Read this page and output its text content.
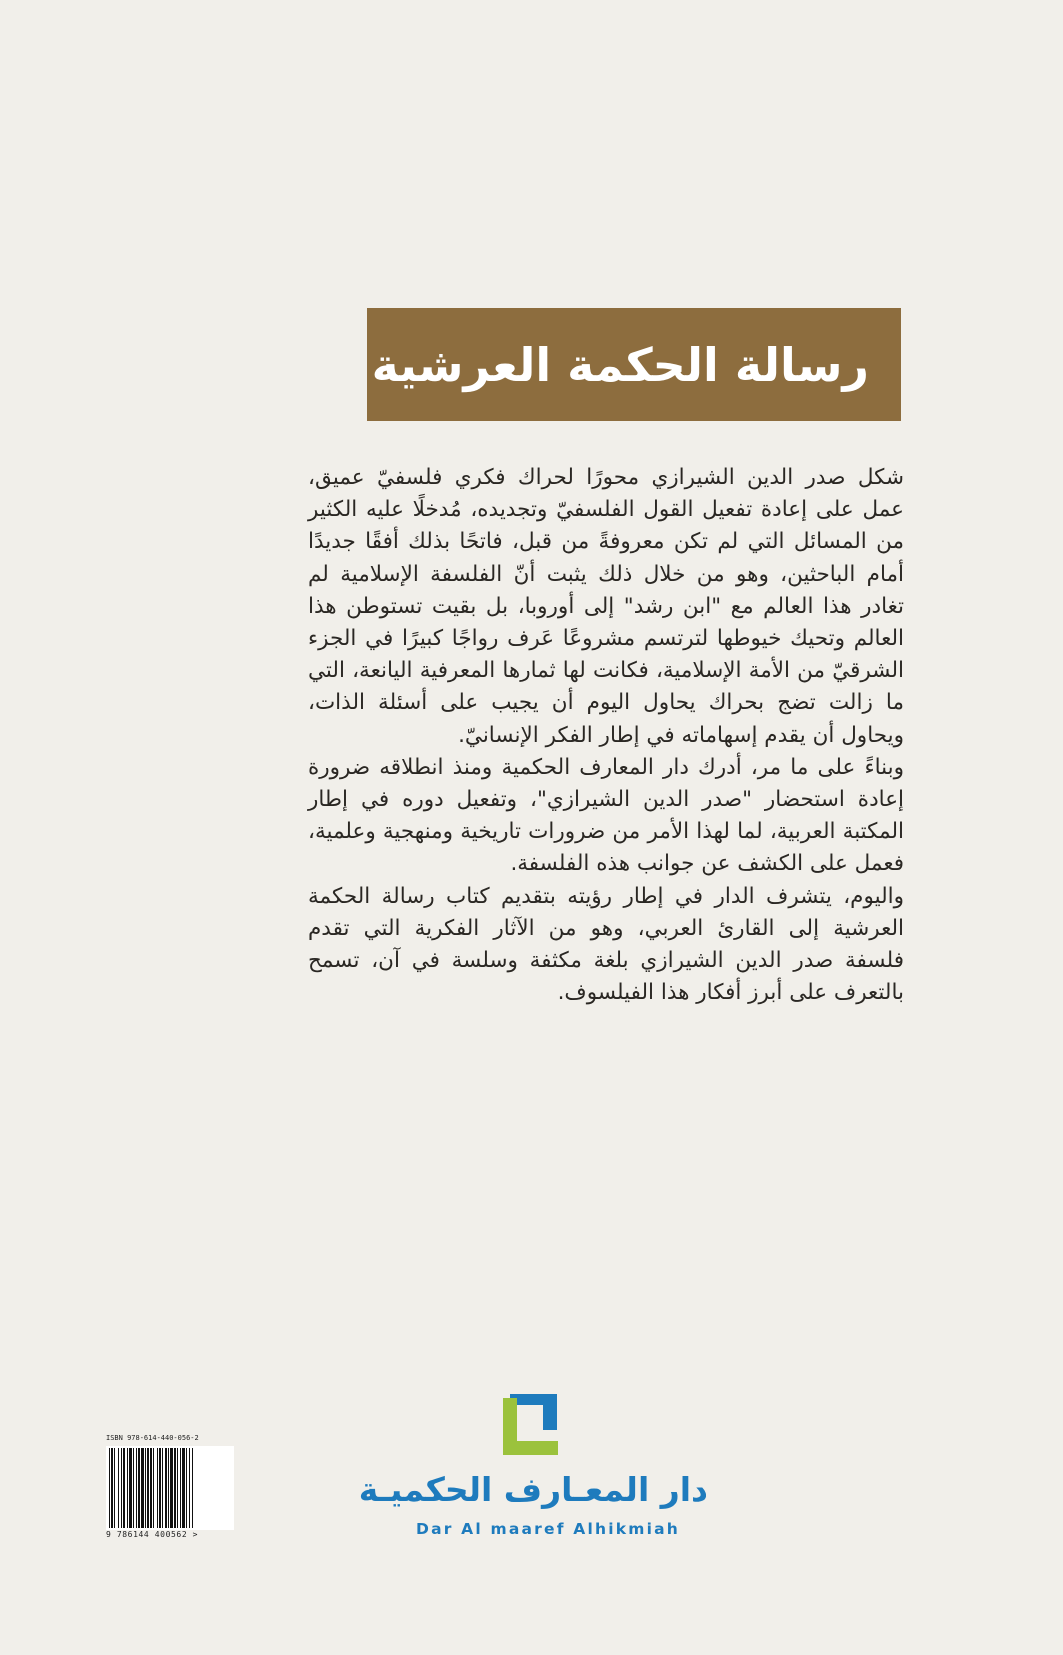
رسالة الحكمة العرشية

شكل صدر الدين الشيرازي محورًا لحراك فكري فلسفيّ عميق، عمل على إعادة تفعيل القول الفلسفيّ وتجديده، مُدخلًا عليه الكثير من المسائل التي لم تكن معروفةً من قبل، فاتحًا بذلك أفقًا جديدًا أمام الباحثين، وهو من خلال ذلك يثبت أنّ الفلسفة الإسلامية لم تغادر هذا العالم مع "ابن رشد" إلى أوروبا، بل بقيت تستوطن هذا العالم وتحيك خيوطها لترتسم مشروعًا عَرف رواجًا كبيرًا في الجزء الشرقيّ من الأمة الإسلامية، فكانت لها ثمارها المعرفية اليانعة، التي ما زالت تضج بحراك يحاول اليوم أن يجيب على أسئلة الذات، ويحاول أن يقدم إسهاماته في إطار الفكر الإنسانيّ.

وبناءً على ما مر، أدرك دار المعارف الحكمية ومنذ انطلاقه ضرورة إعادة استحضار "صدر الدين الشيرازي"، وتفعيل دوره في إطار المكتبة العربية، لما لهذا الأمر من ضرورات تاريخية ومنهجية وعلمية، فعمل على الكشف عن جوانب هذه الفلسفة.

واليوم، يتشرف الدار في إطار رؤيته بتقديم كتاب رسالة الحكمة العرشية إلى القارئ العربي، وهو من الآثار الفكرية التي تقدم فلسفة صدر الدين الشيرازي بلغة مكثفة وسلسة في آن، تسمح بالتعرف على أبرز أفكار هذا الفيلسوف.

دار المعـارف الحكميـة
Dar Al maaref Alhikmiah
ISBN 978-614-440-056-2
9 786144 400562 >
